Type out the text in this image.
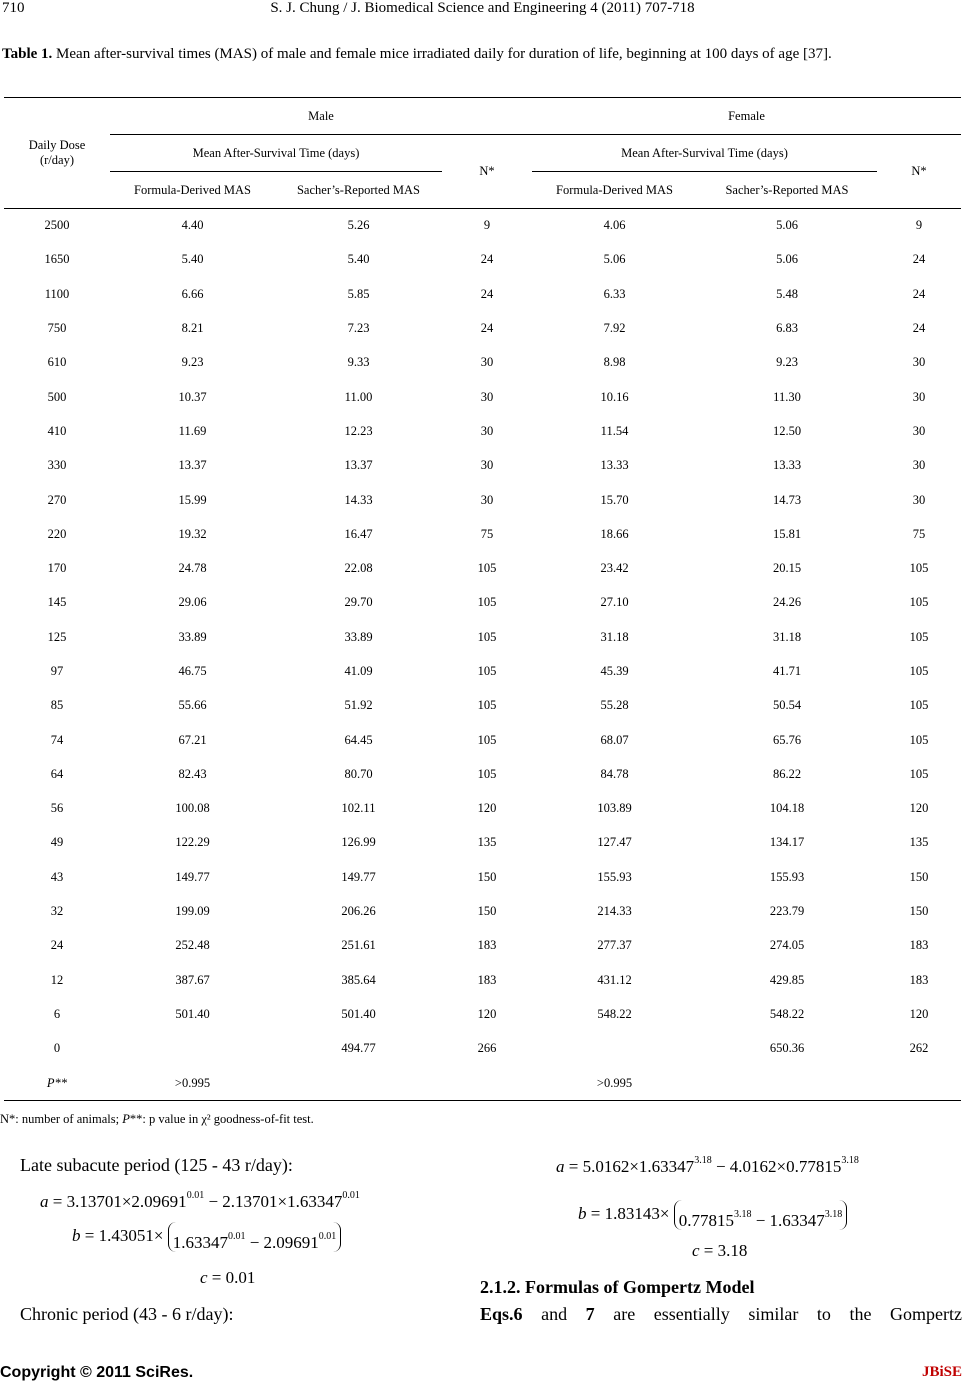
710	S. J. Chung / J. Biomedical Science and Engineering 4 (2011) 707-718
Table 1. Mean after-survival times (MAS) of male and female mice irradiated daily for duration of life, beginning at 100 days of age [37].
Daily Dose (r/day)	Male			Female		
	Mean After-Survival Time (days)		N*	Mean After-Survival Time (days)		N*
	Formula-Derived MAS	Sacher’s-Reported MAS		Formula-Derived MAS	Sacher’s-Reported MAS	
2500	4.40	5.26	9	4.06	5.06	9
1650	5.40	5.40	24	5.06	5.06	24
1100	6.66	5.85	24	6.33	5.48	24
750	8.21	7.23	24	7.92	6.83	24
610	9.23	9.33	30	8.98	9.23	30
500	10.37	11.00	30	10.16	11.30	30
410	11.69	12.23	30	11.54	12.50	30
330	13.37	13.37	30	13.33	13.33	30
270	15.99	14.33	30	15.70	14.73	30
220	19.32	16.47	75	18.66	15.81	75
170	24.78	22.08	105	23.42	20.15	105
145	29.06	29.70	105	27.10	24.26	105
125	33.89	33.89	105	31.18	31.18	105
97	46.75	41.09	105	45.39	41.71	105
85	55.66	51.92	105	55.28	50.54	105
74	67.21	64.45	105	68.07	65.76	105
64	82.43	80.70	105	84.78	86.22	105
56	100.08	102.11	120	103.89	104.18	120
49	122.29	126.99	135	127.47	134.17	135
43	149.77	149.77	150	155.93	155.93	150
32	199.09	206.26	150	214.33	223.79	150
24	252.48	251.61	183	277.37	274.05	183
12	387.67	385.64	183	431.12	429.85	183
6	501.40	501.40	120	548.22	548.22	120
0		494.77	266		650.36	262
P**	>0.995			>0.995		
N*: number of animals; P**: p value in χ² goodness-of-fit test.
Late subacute period (125 - 43 r/day):
$a = 3.13701\times 2.09691^{0.01} - 2.13701\times 1.63347^{0.01}$
$b = 1.43051\times 1.63347^{0.01} - 2.09691^{0.01}$
c = 0.01
Chronic period (43 - 6 r/day):
$a = 5.0162\times 1.63347^{3.18} - 4.0162\times 0.77815^{3.18}$
$b = 1.83143\times 0.77815^{3.18} - 1.63347^{3.18}$
c = 3.18
2.1.2. Formulas of Gompertz Model
Eqs.6 and 7 are essentially similar to the Gompertz
Copyright © 2011 SciRes.	JBiSE
